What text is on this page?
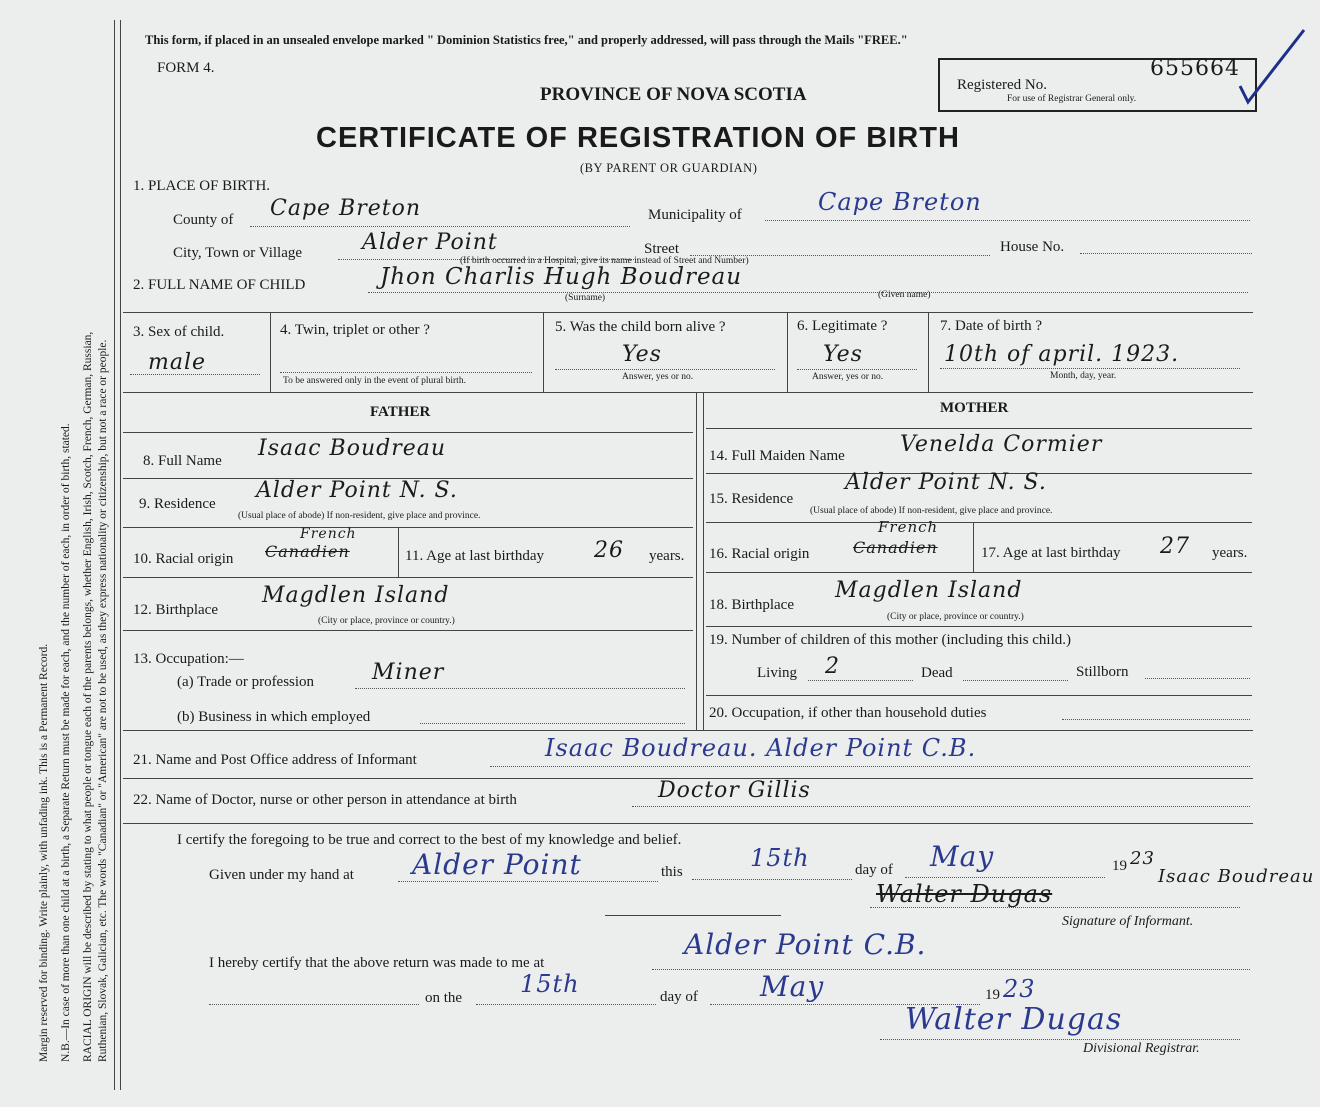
Margin reserved for binding. Write plainly, with unfading ink. This is a Permanent Record. N.B.—In case of more than one child at a birth, a Separate Return must be made for each, and the number of each, in order of birth, stated. RACIAL ORIGIN will be described by stating to what people or tongue each of the parents belongs, whether English, Irish, Scotch, French, German, Russian, Ruthenian, Slovak, Galician, etc. The words "Canadian" or "American" are not to be used, as they express nationality or citizenship, but not a race or people.
This form, if placed in an unsealed envelope marked " Dominion Statistics free," and properly addressed, will pass through the Mails "FREE."
FORM 4.
PROVINCE OF NOVA SCOTIA
CERTIFICATE OF REGISTRATION OF BIRTH
(BY PARENT OR GUARDIAN)
Registered No.
655664
For use of Registrar General only.
1. PLACE OF BIRTH.
County of Cape Breton	Municipality of	Cape Breton
City, Town or Village	Alder Point	Street
(If birth occurred in a Hospital, give its name instead of Street and Number)
House No.
2. FULL NAME OF CHILD	Jhon Charlis Hugh Boudreau
(Surname)	(Given name)
3. Sex of child.
male
4. Twin, triplet or other ?
To be answered only in the event of plural birth.
5. Was the child born alive ?
Yes
Answer, yes or no.
6. Legitimate ?
Yes
Answer, yes or no.
7. Date of birth ?
10th of april. 1923.
Month, day, year.
FATHER	MOTHER
8. Full Name Isaac Boudreau
9. Residence
Alder Point N. S.
(Usual place of abode) If non-resident, give place and province.
10. Racial origin Canadien
French
11. Age at last birthday 26 years.
12. Birthplace
Magdlen Island
(City or place, province or country.)
13. Occupation:—
(a) Trade or profession	Miner
(b) Business in which employed
14. Full Maiden Name	Venelda Cormier
15. Residence
Alder Point N. S.
(Usual place of abode) If non-resident, give place and province.
16. Racial origin	Canadien
French
17. Age at last birthday 27 years.
18. Birthplace
Magdlen Island
(City or place, province or country.)
19. Number of children of this mother (including this child.)
Living 2	Dead	Stillborn
20. Occupation, if other than household duties
21. Name and Post Office address of Informant	Isaac Boudreau. Alder Point C.B.
22. Name of Doctor, nurse or other person in attendance at birth	Doctor Gillis
I certify the foregoing to be true and correct to the best of my knowledge and belief.
Given under my hand at Alder Point	this	15th	day of May	19 23
Walter Dugas
Isaac Boudreau
Signature of Informant.
I hereby certify that the above return was made to me at
Alder Point C.B.
on the 15th	day of May	19 23
Walter Dugas
Divisional Registrar.
